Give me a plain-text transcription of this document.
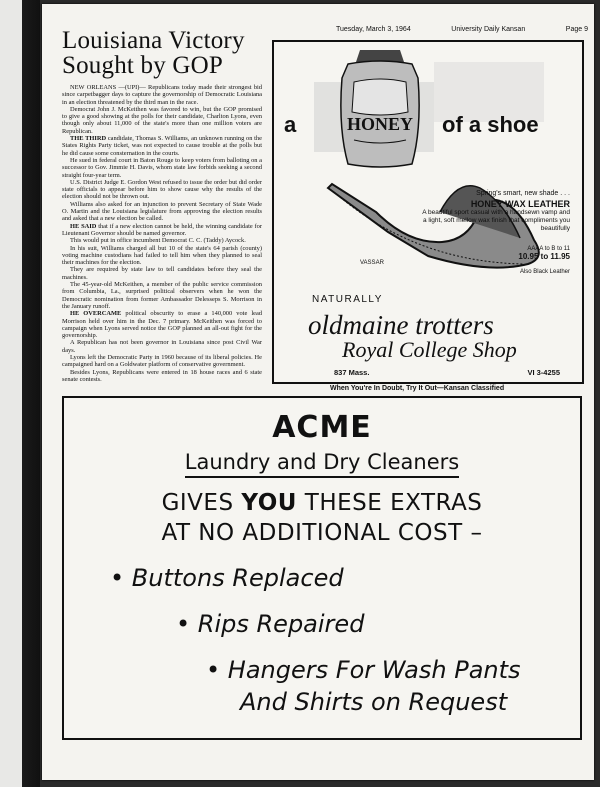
Tuesday, March 3, 1964	University Daily Kansan	Page 9
Louisiana Victory
Sought by GOP

NEW ORLEANS —(UPI)— Republicans today made their strongest bid since carpetbagger days to capture the governorship of Democratic Louisiana in an election threatened by the third man in the race.

Democrat John J. McKeithen was favored to win, but the GOP promised to give a good showing at the polls for their candidate, Charlton Lyons, even though only about 11,000 of the state's more than one million voters are Republican.

THE THIRD candidate, Thomas S. Williams, an unknown running on the States Rights Party ticket, was not expected to cause trouble at the polls but he did cause some consternation in the courts.

He sued in federal court in Baton Rouge to keep voters from balloting on a successor to Gov. Jimmie H. Davis, whom state law forbids seeking a second straight four-year term.

U.S. District Judge E. Gordon West refused to issue the order but did order state officials to appear before him to show cause why the results of the election should not be thrown out.

Williams also asked for an injunction to prevent Secretary of State Wade O. Martin and the Louisiana legislature from approving the election results and asked that a new election be called.

HE SAID that if a new election cannot be held, the winning candidate for Lieutenant Governor should be named governor.

This would put in office incumbent Democrat C. C. (Taddy) Aycock.

In his suit, Williams charged all but 10 of the state's 64 parish (county) voting machine custodians had failed to tell him when they planned to seal their machines for the election.

They are required by state law to tell candidates before they seal the machines.

The 45-year-old McKeithen, a member of the public service commission from Columbia, La., surprised political observers when he won the Democratic nomination from former Ambassador Delesseps S. Morrison in the January runoff.

HE OVERCAME political obscurity to erase a 140,000 vote lead Morrison held over him in the Dec. 7 primary. McKeithen was forced to campaign when Lyons served notice the GOP planned an all-out fight for the governorship.

A Republican has not been governor in Louisiana since post Civil War days.

Lyons left the Democratic Party in 1960 because of its liberal policies. He campaigned hard on a Goldwater platform of conservative government.

Besides Lyons, Republicans were entered in 18 house races and 6 state senate contests.

HONEY
a	of a shoe
VASSAR
Spring's smart, new shade . . .
HONEY WAX LEATHER
A beautiful sport casual with a handsewn vamp and a light, soft mellow wax finish that compliments you beautifully
AAAA to B to 11
10.95 to 11.95
Also Black Leather
NATURALLY
oldmaine trotters
Royal College Shop
837 Mass.	VI 3-4255
When You're In Doubt, Try It Out—Kansan Classified
ACME
Laundry and Dry Cleaners
GIVES YOU THESE EXTRAS
AT NO ADDITIONAL COST –
• Buttons Replaced
• Rips Repaired
• Hangers For Wash Pants
And Shirts on Request
